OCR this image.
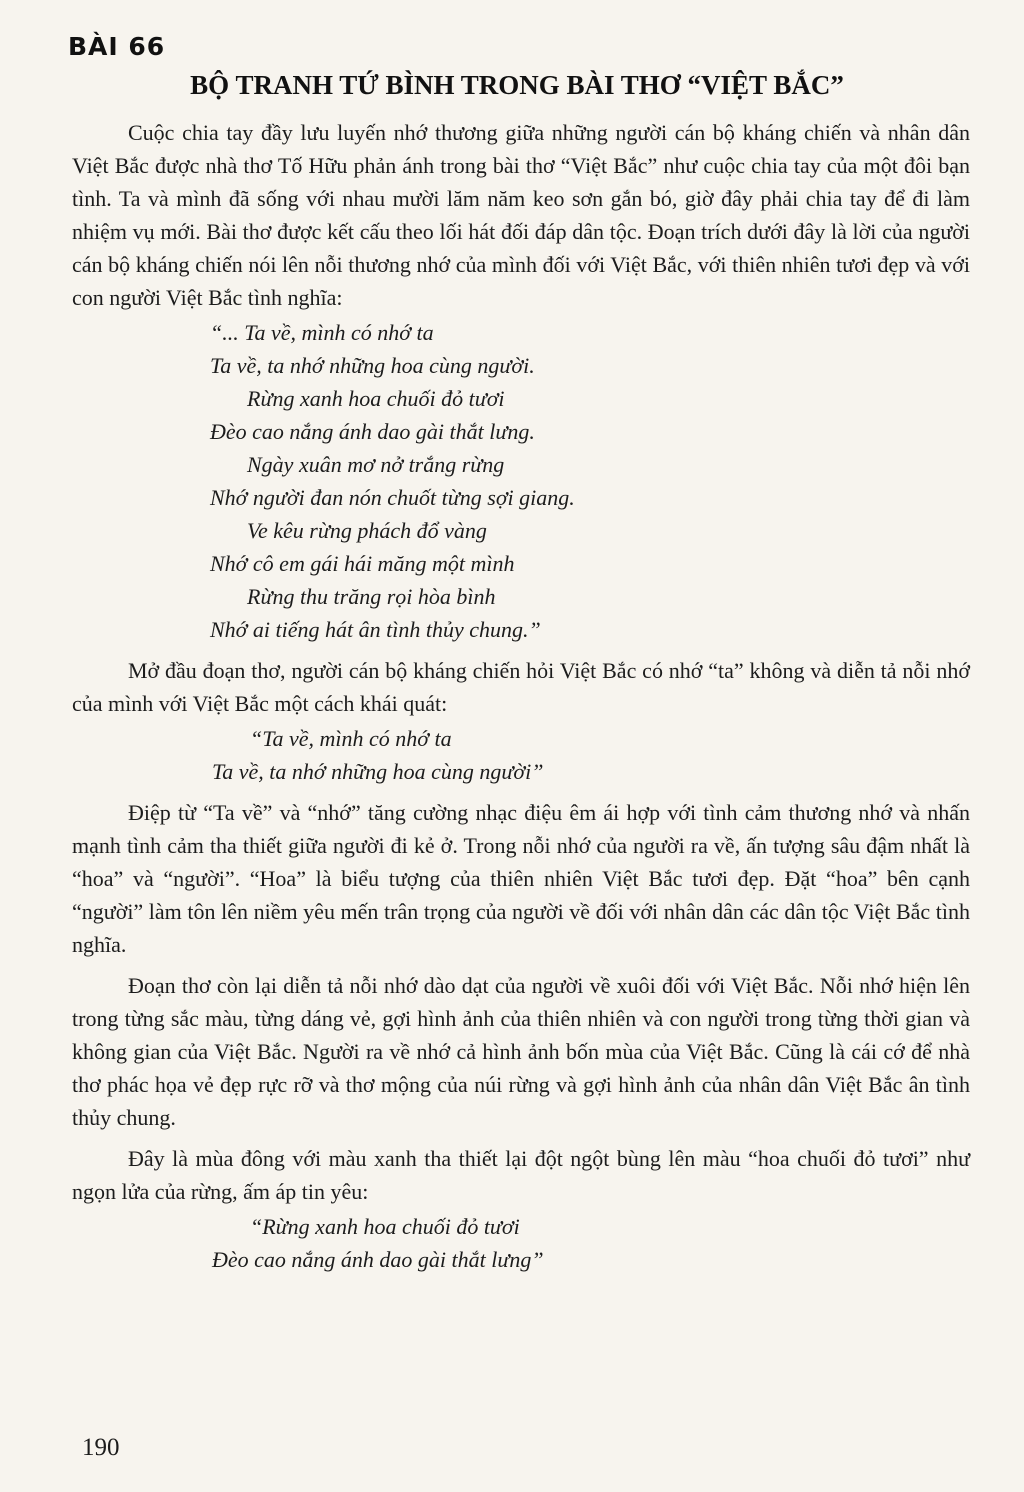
BÀI 66
BỘ TRANH TỨ BÌNH TRONG BÀI THƠ “VIỆT BẮC”

Cuộc chia tay đầy lưu luyến nhớ thương giữa những người cán bộ kháng chiến và nhân dân Việt Bắc được nhà thơ Tố Hữu phản ánh trong bài thơ “Việt Bắc” như cuộc chia tay của một đôi bạn tình. Ta và mình đã sống với nhau mười lăm năm keo sơn gắn bó, giờ đây phải chia tay để đi làm nhiệm vụ mới. Bài thơ được kết cấu theo lối hát đối đáp dân tộc. Đoạn trích dưới đây là lời của người cán bộ kháng chiến nói lên nỗi thương nhớ của mình đối với Việt Bắc, với thiên nhiên tươi đẹp và với con người Việt Bắc tình nghĩa:

“... Ta về, mình có nhớ ta
Ta về, ta nhớ những hoa cùng người.
Rừng xanh hoa chuối đỏ tươi
Đèo cao nắng ánh dao gài thắt lưng.
Ngày xuân mơ nở trắng rừng
Nhớ người đan nón chuốt từng sợi giang.
Ve kêu rừng phách đổ vàng
Nhớ cô em gái hái măng một mình
Rừng thu trăng rọi hòa bình
Nhớ ai tiếng hát ân tình thủy chung.”

Mở đầu đoạn thơ, người cán bộ kháng chiến hỏi Việt Bắc có nhớ “ta” không và diễn tả nỗi nhớ của mình với Việt Bắc một cách khái quát:

“Ta về, mình có nhớ ta
Ta về, ta nhớ những hoa cùng người”

Điệp từ “Ta về” và “nhớ” tăng cường nhạc điệu êm ái hợp với tình cảm thương nhớ và nhấn mạnh tình cảm tha thiết giữa người đi kẻ ở. Trong nỗi nhớ của người ra về, ấn tượng sâu đậm nhất là “hoa” và “người”. “Hoa” là biểu tượng của thiên nhiên Việt Bắc tươi đẹp. Đặt “hoa” bên cạnh “người” làm tôn lên niềm yêu mến trân trọng của người về đối với nhân dân các dân tộc Việt Bắc tình nghĩa.

Đoạn thơ còn lại diễn tả nỗi nhớ dào dạt của người về xuôi đối với Việt Bắc. Nỗi nhớ hiện lên trong từng sắc màu, từng dáng vẻ, gợi hình ảnh của thiên nhiên và con người trong từng thời gian và không gian của Việt Bắc. Người ra về nhớ cả hình ảnh bốn mùa của Việt Bắc. Cũng là cái cớ để nhà thơ phác họa vẻ đẹp rực rỡ và thơ mộng của núi rừng và gợi hình ảnh của nhân dân Việt Bắc ân tình thủy chung.

Đây là mùa đông với màu xanh tha thiết lại đột ngột bùng lên màu “hoa chuối đỏ tươi” như ngọn lửa của rừng, ấm áp tin yêu:

“Rừng xanh hoa chuối đỏ tươi
Đèo cao nắng ánh dao gài thắt lưng”
190
